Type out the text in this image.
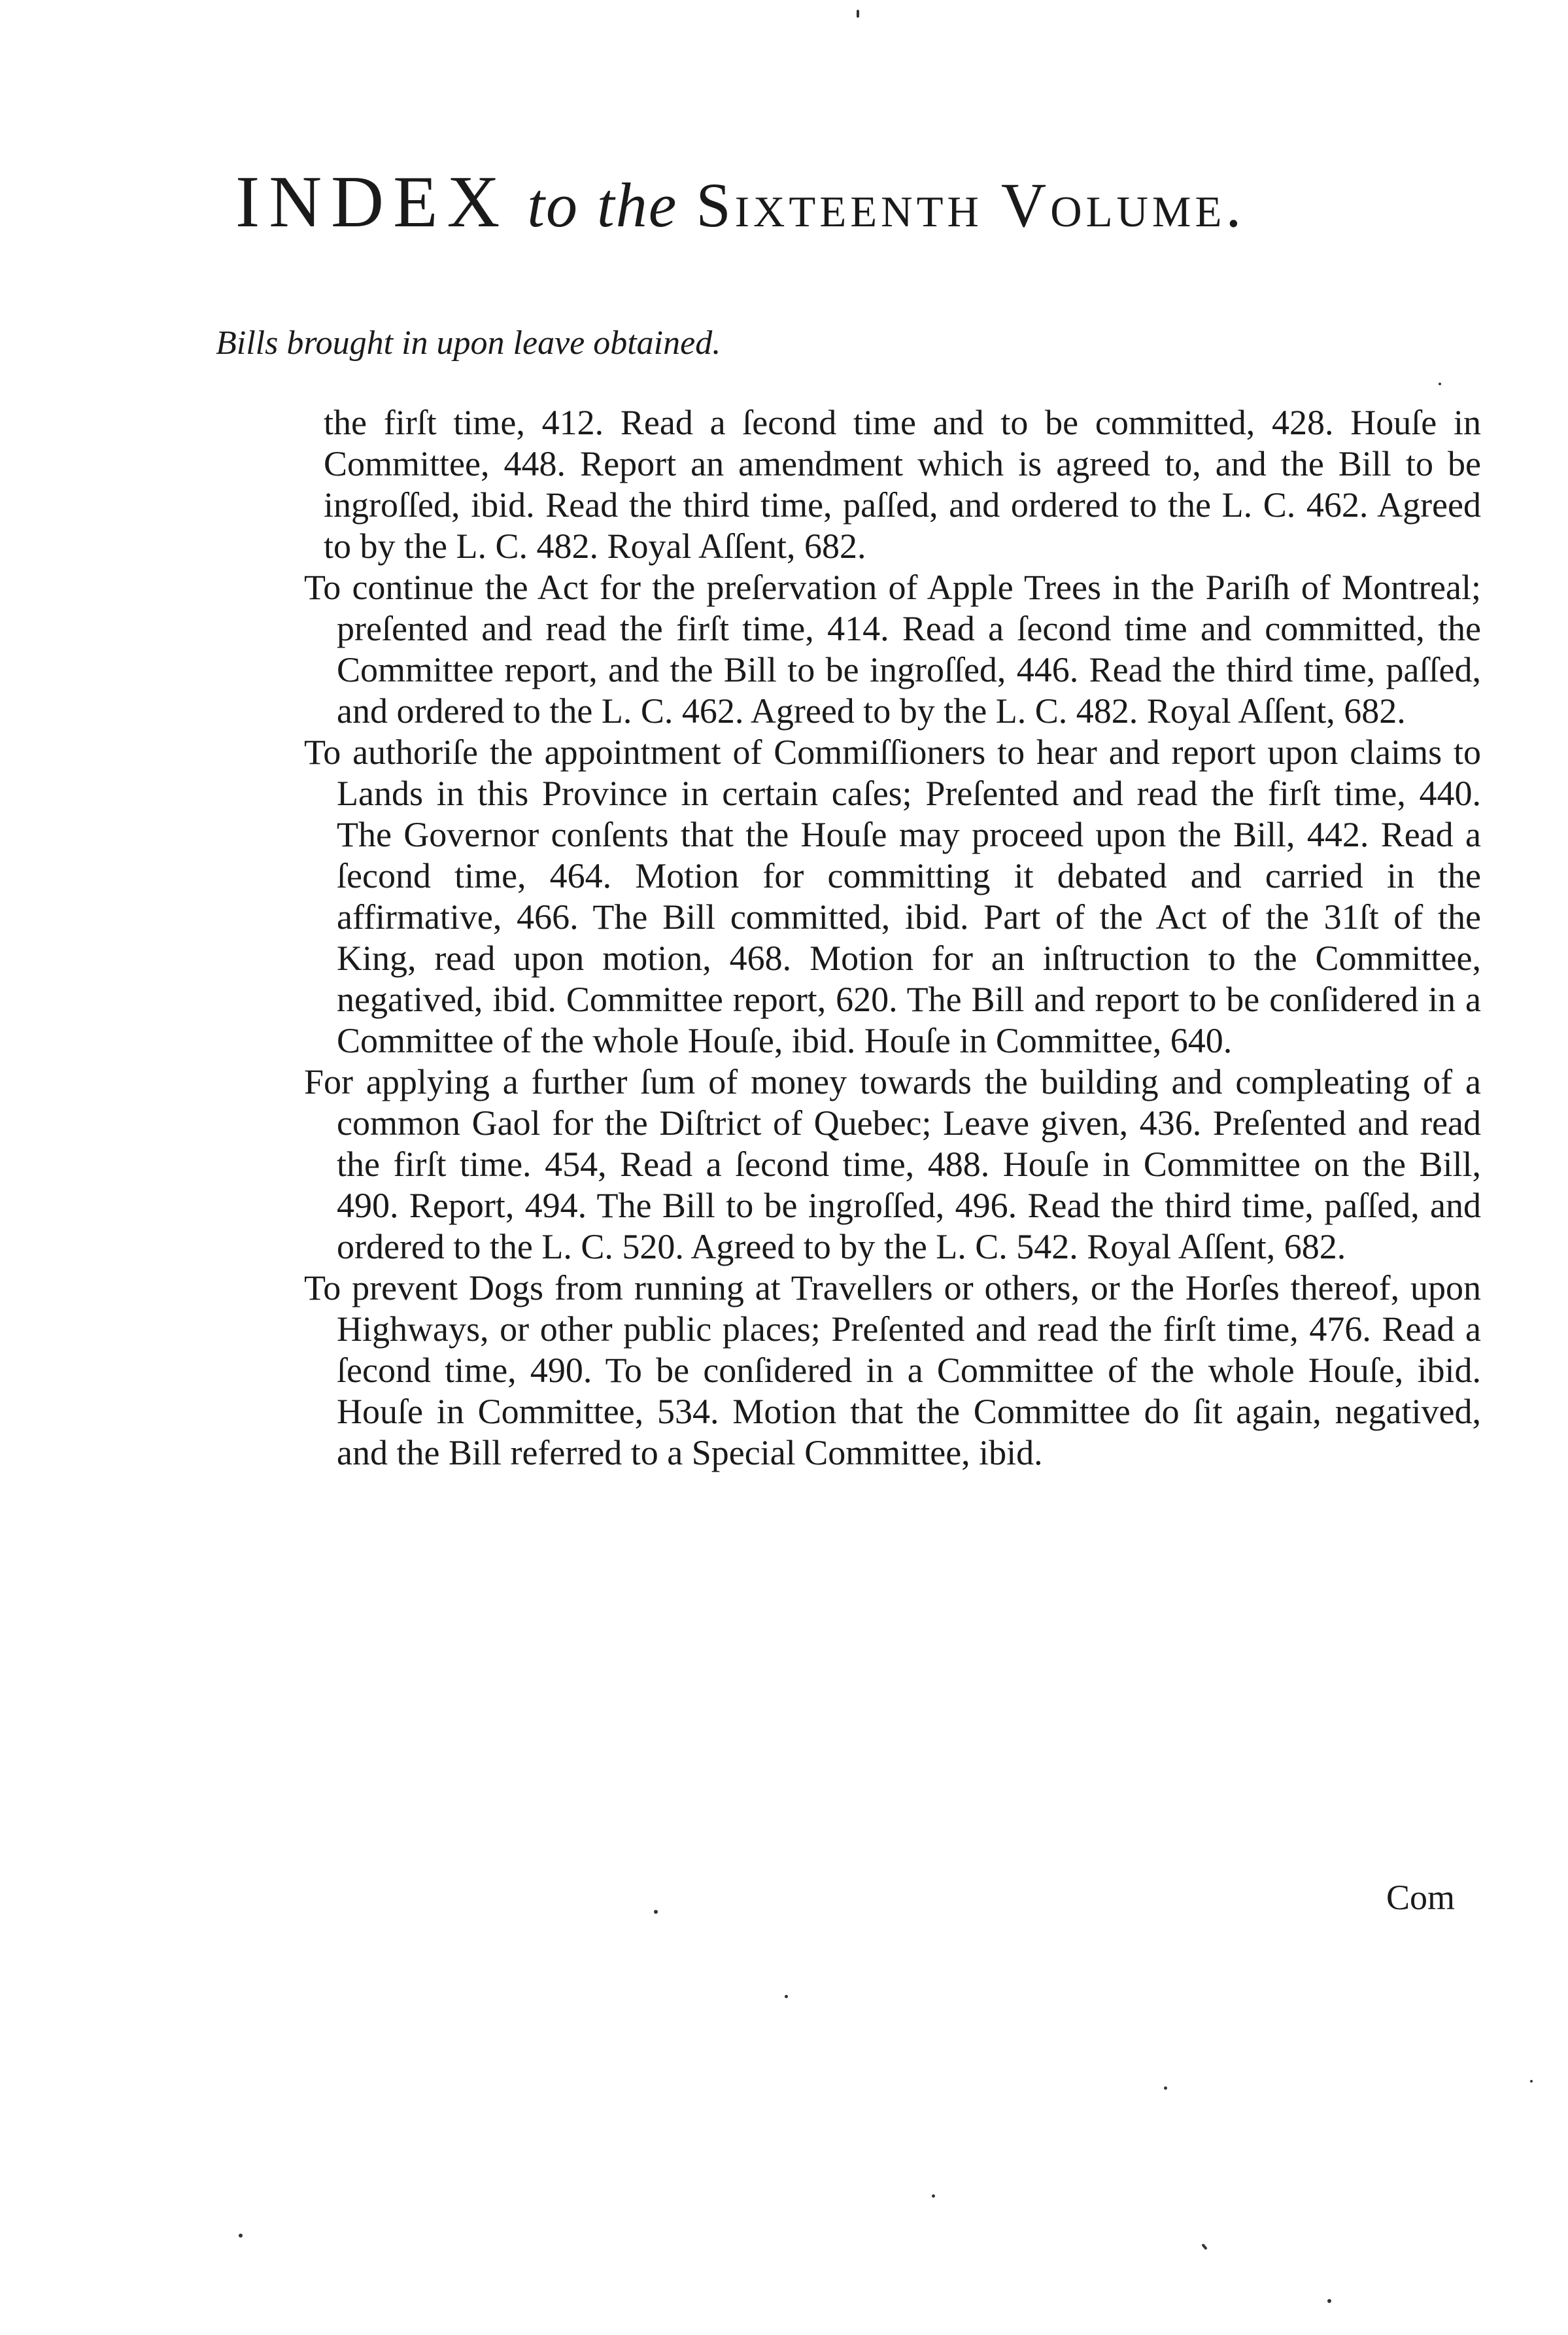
INDEX to the Sixteenth Volume.
Bills brought in upon leave obtained.

the firſt time, 412. Read a ſecond time and to be committed, 428. Houſe in Committee, 448. Report an amendment which is agreed to, and the Bill to be ingroſſed, ibid. Read the third time, paſſed, and ordered to the L. C. 462. Agreed to by the L. C. 482. Royal Aſſent, 682.

To continue the Act for the preſervation of Apple Trees in the Pariſh of Montreal; preſented and read the firſt time, 414. Read a ſecond time and committed, the Committee report, and the Bill to be ingroſſed, 446. Read the third time, paſſed, and ordered to the L. C. 462. Agreed to by the L. C. 482. Royal Aſſent, 682.

To authoriſe the appointment of Commiſſioners to hear and report upon claims to Lands in this Province in certain caſes; Preſented and read the firſt time, 440. The Governor conſents that the Houſe may proceed upon the Bill, 442. Read a ſecond time, 464. Motion for committing it debated and carried in the affirmative, 466. The Bill committed, ibid. Part of the Act of the 31ſt of the King, read upon motion, 468. Motion for an inſtruction to the Committee, negatived, ibid. Committee report, 620. The Bill and report to be conſidered in a Committee of the whole Houſe, ibid. Houſe in Committee, 640.

For applying a further ſum of money towards the building and compleating of a common Gaol for the Diſtrict of Quebec; Leave given, 436. Preſented and read the firſt time. 454, Read a ſecond time, 488. Houſe in Committee on the Bill, 490. Report, 494. The Bill to be ingroſſed, 496. Read the third time, paſſed, and ordered to the L. C. 520. Agreed to by the L. C. 542. Royal Aſſent, 682.

To prevent Dogs from running at Travellers or others, or the Horſes thereof, upon Highways, or other public places; Preſented and read the firſt time, 476. Read a ſecond time, 490. To be conſidered in a Committee of the whole Houſe, ibid. Houſe in Committee, 534. Motion that the Committee do ſit again, negatived, and the Bill referred to a Special Committee, ibid.

Com
